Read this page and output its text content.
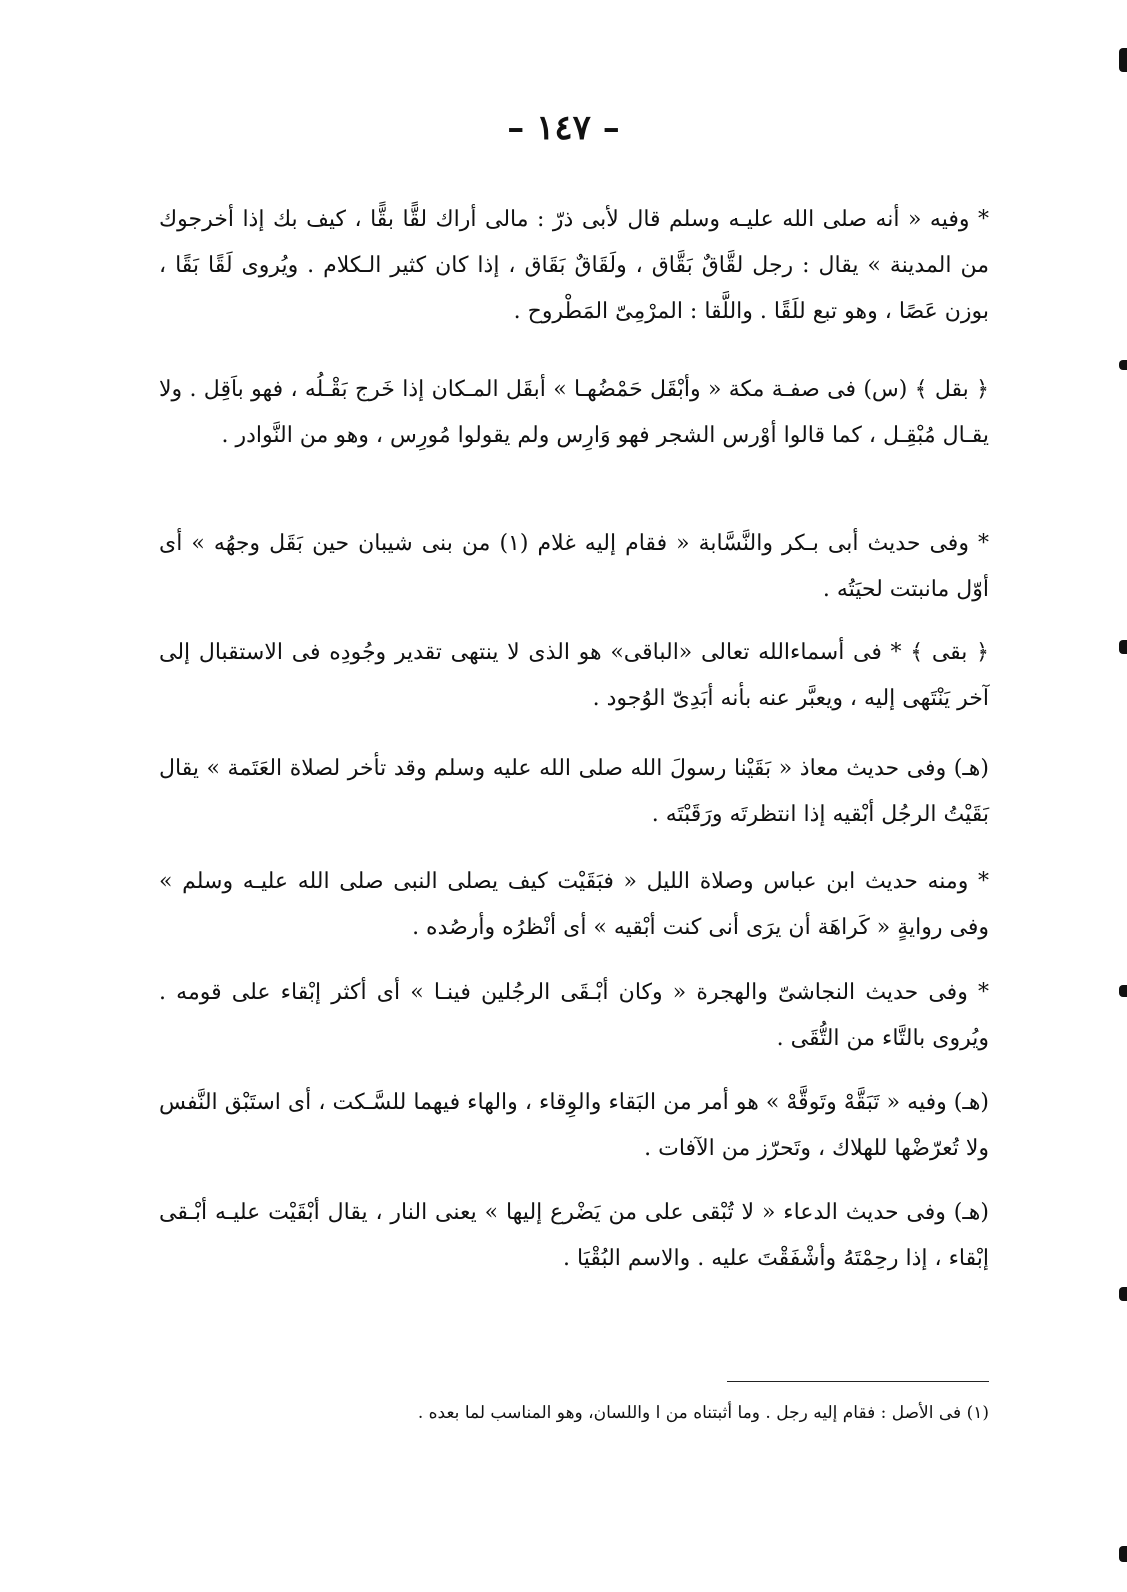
– ١٤٧ –
* وفيه « أنه صلى الله عليـه وسلم قال لأبى ذرّ : مالى أراك لقًّا بقًّا ، كيف بك إذا أخرجوك من المدينة » يقال : رجل لقَّاقٌ بَقَّاق ، ولَقَاقٌ بَقَاق ، إذا كان كثير الـكلام . ويُروى لَقًا بَقًا ، بوزن عَصًا ، وهو تبع للَقًا . واللَّقا : المرْمِىّ المَطْروح .
﴿ بقل ﴾ (س) فى صفـة مكة « وأبْقَل حَمْضُهـا » أبقَل المـكان إذا خَرج بَقْـلُه ، فهو باَقِل . ولا يقـال مُبْقِـل ، كما قالوا أوْرس الشجر فهو وَارِس ولم يقولوا مُورِس ، وهو من النَّوادر .
* وفى حديث أبى بـكر والنَّسَّابة « فقام إليه غلام (١) من بنى شيبان حين بَقَل وجهُه » أى أوّل مانبتت لحيَتُه .
﴿ بقى ﴾ * فى أسماءالله تعالى «الباقى» هو الذى لا ينتهى تقدير وجُودِه فى الاستقبال إلى آخر يَنْتَهى إليه ، ويعبَّر عنه بأنه أبَدِىّ الوُجود .
(هـ) وفى حديث معاذ « بَقَيْنا رسولَ الله صلى الله عليه وسلم وقد تأخر لصلاة العَتَمة » يقال بَقَيْتُ الرجُل أبْقيه إذا انتظرتَه ورَقَبْتَه .
* ومنه حديث ابن عباس وصلاة الليل « فبَقَيْت كيف يصلى النبى صلى الله عليـه وسلم » وفى روايةٍ « كَراهَة أن يرَى أنى كنت أبْقيه » أى أنْظرُه وأرصُده .
* وفى حديث النجاشىّ والهجرة « وكان أبْـقَى الرجُلين فينـا » أى أكثر إبْقاء على قومه . ويُروى بالتَّاء من التُّقَى .
(هـ) وفيه « تَبَقَّهْ وتَوقَّهْ » هو أمر من البَقاء والوِقاء ، والهاء فيهما للسَّـكت ، أى استَبْق النَّفس ولا تُعرّضْها للهلاك ، وتَحرّز من الآفات .
(هـ) وفى حديث الدعاء « لا تُبْقى على من يَضْرع إليها » يعنى النار ، يقال أبْقَيْت عليـه أبْـقى إبْقاء ، إذا رحِمْتَهُ وأشْفَقْتَ عليه . والاسم البُقْيَا .
(١) فى الأصل : فقام إليه رجل . وما أثبتناه من ا واللسان، وهو المناسب لما بعده .
